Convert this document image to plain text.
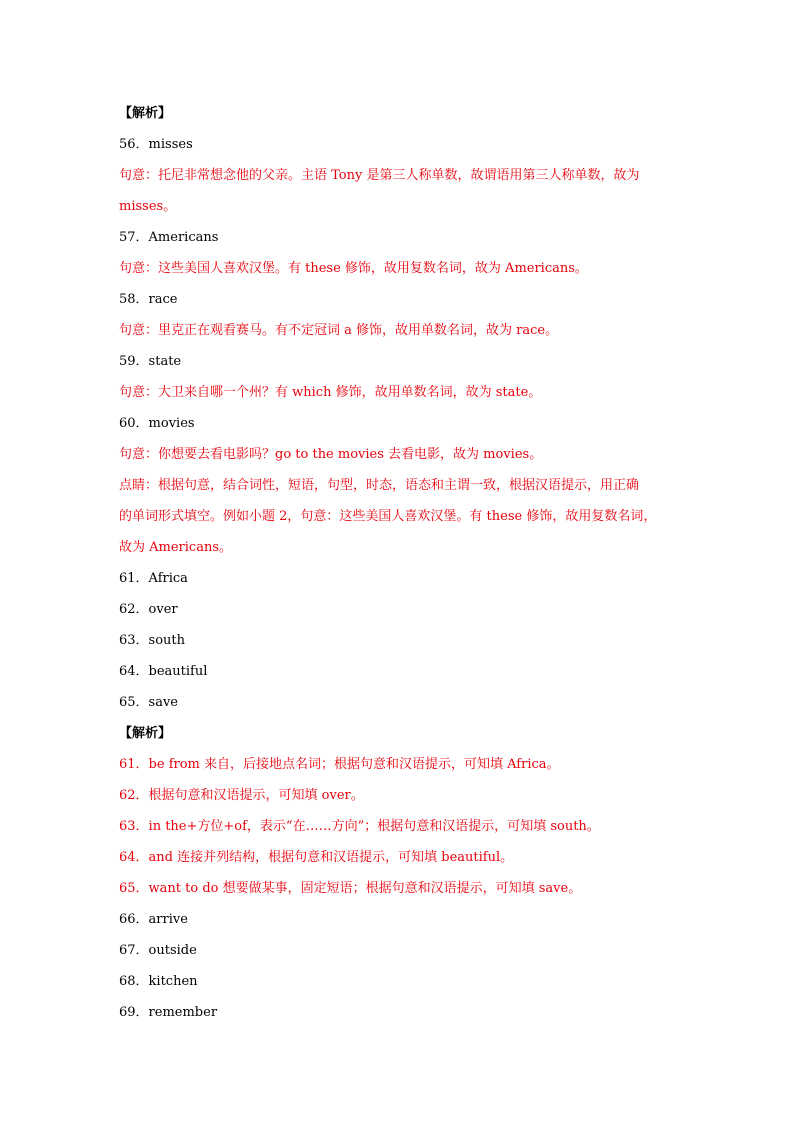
【解析】
56．misses
句意：托尼非常想念他的父亲。主语 Tony 是第三人称单数，故谓语用第三人称单数，故为
misses。
57．Americans
句意：这些美国人喜欢汉堡。有 these 修饰，故用复数名词，故为 Americans。
58．race
句意：里克正在观看赛马。有不定冠词 a 修饰，故用单数名词，故为 race。
59．state
句意：大卫来自哪一个州？有 which 修饰，故用单数名词，故为 state。
60．movies
句意：你想要去看电影吗？go to the movies 去看电影，故为 movies。
点睛：根据句意，结合词性，短语，句型，时态，语态和主谓一致，根据汉语提示，用正确
的单词形式填空。例如小题 2，句意：这些美国人喜欢汉堡。有 these 修饰，故用复数名词，
故为 Americans。
61．Africa
62．over
63．south
64．beautiful
65．save
【解析】
61．be from 来自，后接地点名词；根据句意和汉语提示，可知填 Africa。
62．根据句意和汉语提示，可知填 over。
63．in the+方位+of，表示“在……方向”；根据句意和汉语提示，可知填 south。
64．and 连接并列结构，根据句意和汉语提示，可知填 beautiful。
65．want to do 想要做某事，固定短语；根据句意和汉语提示，可知填 save。
66．arrive
67．outside
68．kitchen
69．remember
